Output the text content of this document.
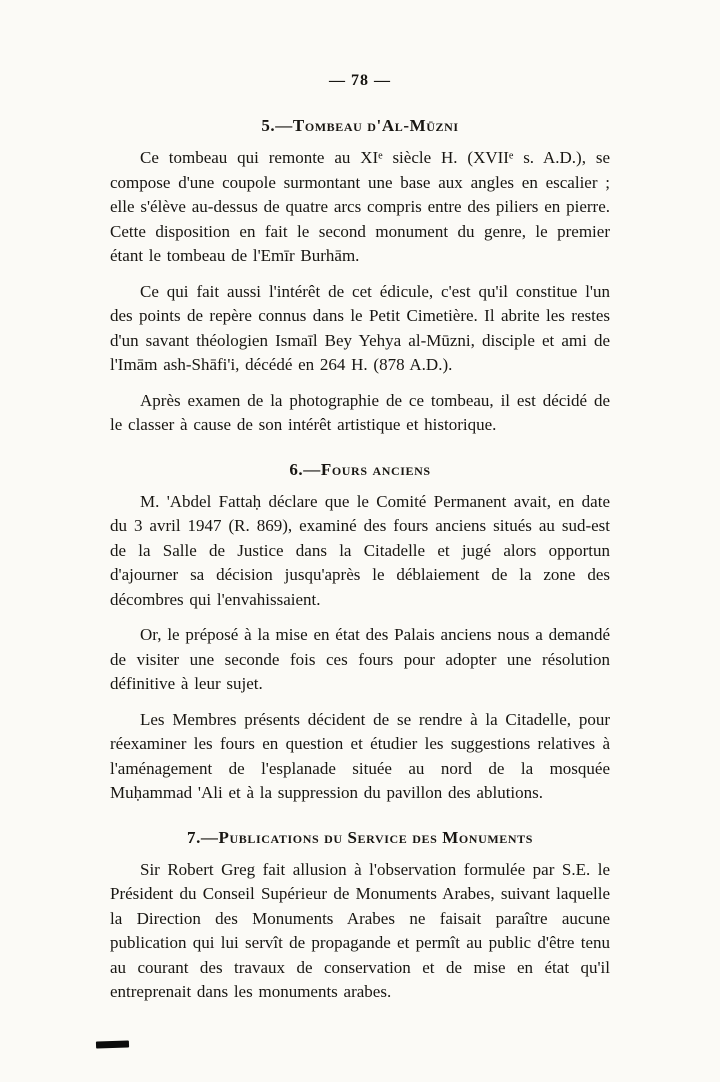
— 78 —
5.—Tombeau d'Al-Mūzni

Ce tombeau qui remonte au XIᵉ siècle H. (XVIIᵉ s. A.D.), se compose d'une coupole surmontant une base aux angles en escalier ; elle s'élève au-dessus de quatre arcs compris entre des piliers en pierre. Cette disposition en fait le second monument du genre, le premier étant le tombeau de l'Emīr Burhām.

Ce qui fait aussi l'intérêt de cet édicule, c'est qu'il constitue l'un des points de repère connus dans le Petit Cimetière. Il abrite les restes d'un savant théologien Ismaīl Bey Yehya al-Mūzni, disciple et ami de l'Imām ash-Shāfi'i, décédé en 264 H. (878 A.D.).

Après examen de la photographie de ce tombeau, il est décidé de le classer à cause de son intérêt artistique et historique.

6.—Fours anciens

M. 'Abdel Fattaḥ déclare que le Comité Permanent avait, en date du 3 avril 1947 (R. 869), examiné des fours anciens situés au sud-est de la Salle de Justice dans la Citadelle et jugé alors opportun d'ajourner sa décision jusqu'après le déblaiement de la zone des décombres qui l'envahissaient.

Or, le préposé à la mise en état des Palais anciens nous a demandé de visiter une seconde fois ces fours pour adopter une résolution définitive à leur sujet.

Les Membres présents décident de se rendre à la Citadelle, pour réexaminer les fours en question et étudier les suggestions relatives à l'aménagement de l'esplanade située au nord de la mosquée Muḥammad 'Ali et à la suppression du pavillon des ablutions.

7.—Publications du Service des Monuments

Sir Robert Greg fait allusion à l'observation formulée par S.E. le Président du Conseil Supérieur de Monuments Arabes, suivant laquelle la Direction des Monuments Arabes ne faisait paraître aucune publication qui lui servît de propagande et permît au public d'être tenu au courant des travaux de conservation et de mise en état qu'il entreprenait dans les monuments arabes.
